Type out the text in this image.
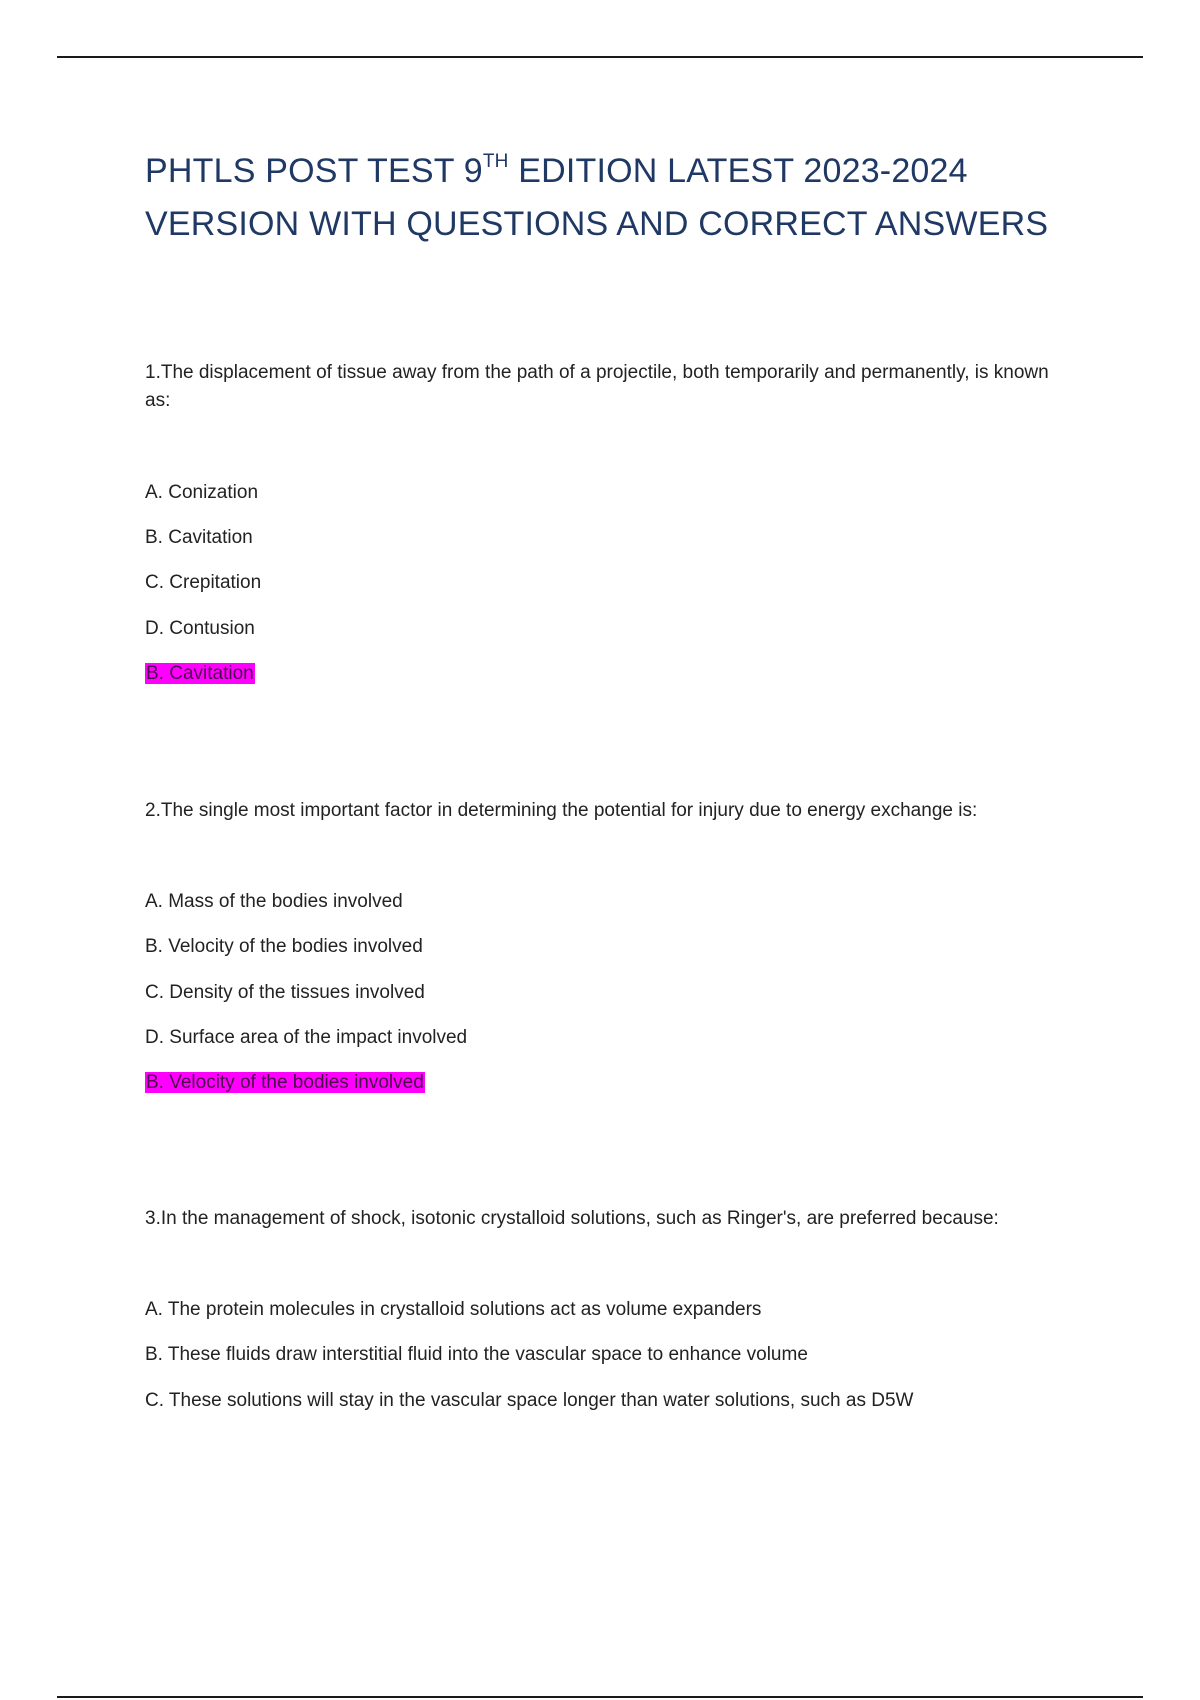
PHTLS POST TEST 9TH EDITION LATEST 2023-2024
VERSION WITH QUESTIONS AND CORRECT ANSWERS

1.The displacement of tissue away from the path of a projectile, both temporarily and permanently, is known as:

A. Conization

B. Cavitation

C. Crepitation

D. Contusion

B. Cavitation

2.The single most important factor in determining the potential for injury due to energy exchange is:

A. Mass of the bodies involved

B. Velocity of the bodies involved

C. Density of the tissues involved

D. Surface area of the impact involved

B. Velocity of the bodies involved

3.In the management of shock, isotonic crystalloid solutions, such as Ringer's, are preferred because:

A. The protein molecules in crystalloid solutions act as volume expanders

B. These fluids draw interstitial fluid into the vascular space to enhance volume

C. These solutions will stay in the vascular space longer than water solutions, such as D5W
